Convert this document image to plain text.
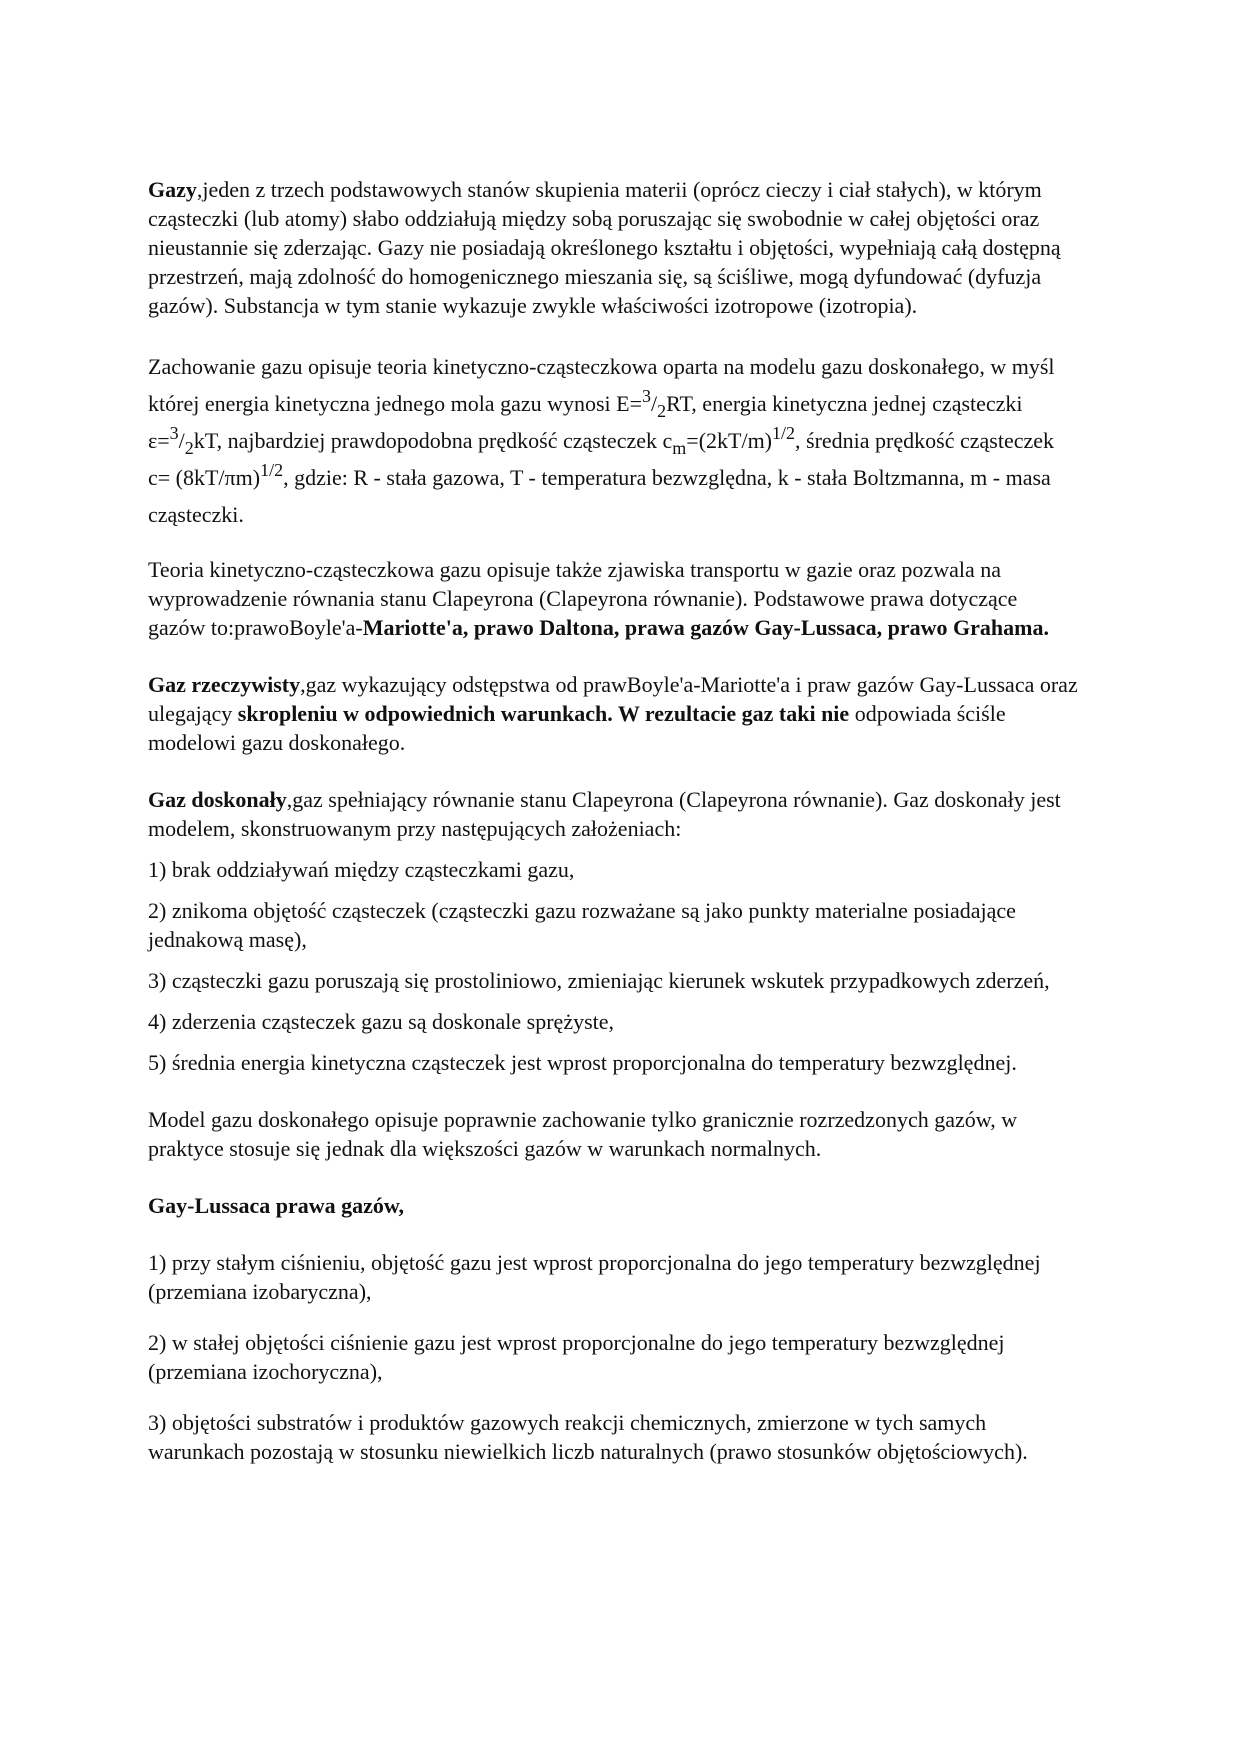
Gazy,jeden z trzech podstawowych stanów skupienia materii (oprócz cieczy i ciał stałych), w którym cząsteczki (lub atomy) słabo oddziałują między sobą poruszając się swobodnie w całej objętości oraz nieustannie się zderzając. Gazy nie posiadają określonego kształtu i objętości, wypełniają całą dostępną przestrzeń, mają zdolność do homogenicznego mieszania się, są ściśliwe, mogą dyfundować (dyfuzja gazów). Substancja w tym stanie wykazuje zwykle właściwości izotropowe (izotropia).

Zachowanie gazu opisuje teoria kinetyczno-cząsteczkowa oparta na modelu gazu doskonałego, w myśl której energia kinetyczna jednego mola gazu wynosi $E=^3/_2RT$, energia kinetyczna jednej cząsteczki $\varepsilon=^3/_2kT$, najbardziej prawdopodobna prędkość cząsteczek $c_m=(2kT/m)^{1/2}$, średnia prędkość cząsteczek $c= (8kT/\pi m)^{1/2}$, gdzie: R - stała gazowa, T - temperatura bezwzględna, k - stała Boltzmanna, m - masa cząsteczki.

Teoria kinetyczno-cząsteczkowa gazu opisuje także zjawiska transportu w gazie oraz pozwala na wyprowadzenie równania stanu Clapeyrona (Clapeyrona równanie). Podstawowe prawa dotyczące gazów to:prawoBoyle'a-Mariotte'a, prawo Daltona, prawa gazów Gay-Lussaca, prawo Grahama.

Gaz rzeczywisty,gaz wykazujący odstępstwa od prawBoyle'a-Mariotte'a i praw gazów Gay-Lussaca oraz ulegający skropleniu w odpowiednich warunkach. W rezultacie gaz taki nie odpowiada ściśle modelowi gazu doskonałego.

Gaz doskonały,gaz spełniający równanie stanu Clapeyrona (Clapeyrona równanie). Gaz doskonały jest modelem, skonstruowanym przy następujących założeniach:

1) brak oddziaływań między cząsteczkami gazu,

2) znikoma objętość cząsteczek (cząsteczki gazu rozważane są jako punkty materialne posiadające jednakową masę),

3) cząsteczki gazu poruszają się prostoliniowo, zmieniając kierunek wskutek przypadkowych zderzeń,

4) zderzenia cząsteczek gazu są doskonale sprężyste,

5) średnia energia kinetyczna cząsteczek jest wprost proporcjonalna do temperatury bezwzględnej.

Model gazu doskonałego opisuje poprawnie zachowanie tylko granicznie rozrzedzonych gazów, w praktyce stosuje się jednak dla większości gazów w warunkach normalnych.

Gay-Lussaca prawa gazów,

1) przy stałym ciśnieniu, objętość gazu jest wprost proporcjonalna do jego temperatury bezwzględnej (przemiana izobaryczna),

2) w stałej objętości ciśnienie gazu jest wprost proporcjonalne do jego temperatury bezwzględnej (przemiana izochoryczna),

3) objętości substratów i produktów gazowych reakcji chemicznych, zmierzone w tych samych warunkach pozostają w stosunku niewielkich liczb naturalnych (prawo stosunków objętościowych).
